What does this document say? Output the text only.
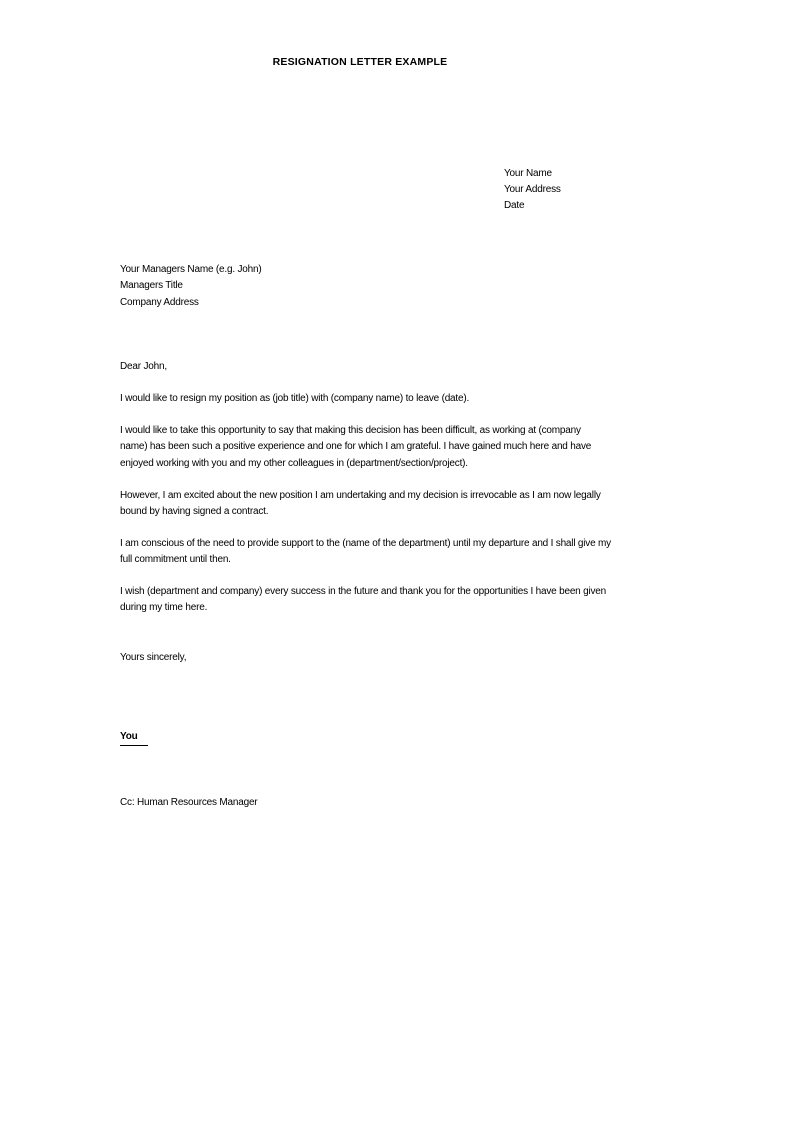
RESIGNATION LETTER EXAMPLE
Your Name
Your Address
Date
Your Managers Name (e.g. John)
Managers Title
Company Address
Dear John,
I would like to resign my position as (job title) with (company name) to leave (date).
I would like to take this opportunity to say that making this decision has been difficult, as working at (company
name) has been such a positive experience and one for which I am grateful. I have gained much here and have
enjoyed working with you and my other colleagues in (department/section/project).
However, I am excited about the new position I am undertaking and my decision is irrevocable as I am now legally
bound by having signed a contract.
I am conscious of the need to provide support to the (name of the department) until my departure and I shall give my
full commitment until then.
I wish (department and company) every success in the future and thank you for the opportunities I have been given
during my time here.
Yours sincerely,
You
Cc: Human Resources Manager
